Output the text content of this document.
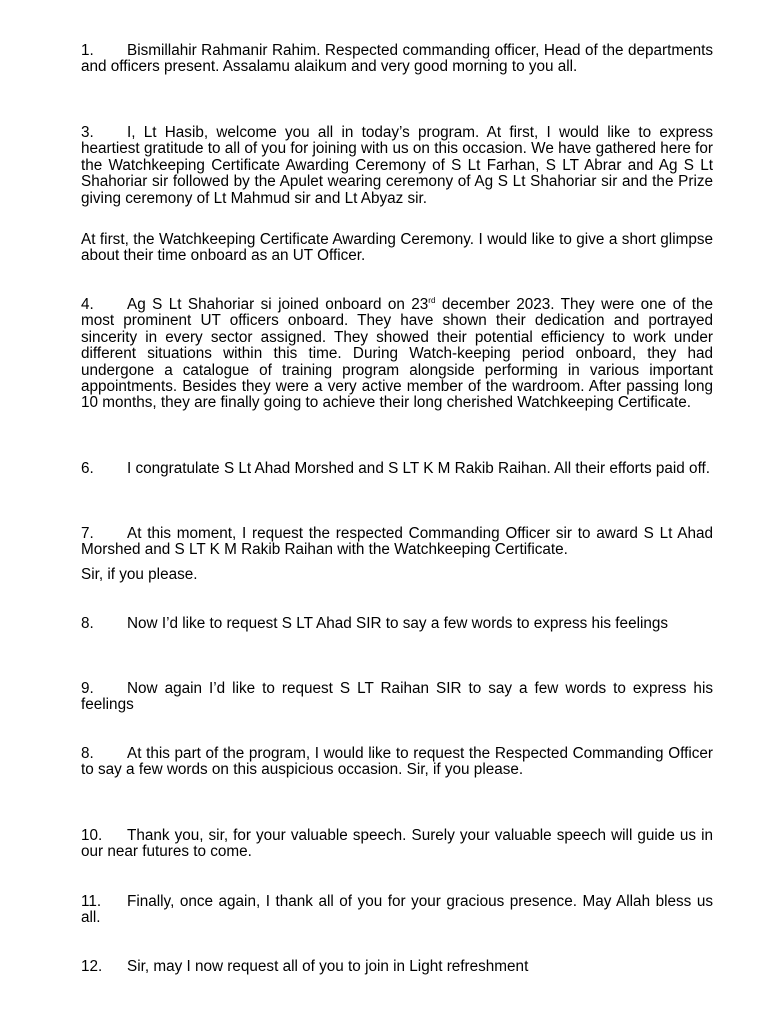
1. Bismillahir Rahmanir Rahim. Respected commanding officer, Head of the departments and officers present. Assalamu alaikum and very good morning to you all.

3. I, Lt Hasib, welcome you all in today’s program. At first, I would like to express heartiest gratitude to all of you for joining with us on this occasion. We have gathered here for the Watchkeeping Certificate Awarding Ceremony of S Lt Farhan, S LT Abrar and Ag S Lt Shahoriar sir followed by the Apulet wearing ceremony of Ag S Lt Shahoriar sir and the Prize giving ceremony of Lt Mahmud sir and Lt Abyaz sir.

At first, the Watchkeeping Certificate Awarding Ceremony. I would like to give a short glimpse about their time onboard as an UT Officer.

4. Ag S Lt Shahoriar si joined onboard on 23rd december 2023. They were one of the most prominent UT officers onboard. They have shown their dedication and portrayed sincerity in every sector assigned. They showed their potential efficiency to work under different situations within this time. During Watch-keeping period onboard, they had undergone a catalogue of training program alongside performing in various important appointments. Besides they were a very active member of the wardroom. After passing long 10 months, they are finally going to achieve their long cherished Watchkeeping Certificate.

6. I congratulate S Lt Ahad Morshed and S LT K M Rakib Raihan. All their efforts paid off.

7. At this moment, I request the respected Commanding Officer sir to award S Lt Ahad Morshed and S LT K M Rakib Raihan with the Watchkeeping Certificate.

Sir, if you please.

8. Now I’d like to request S LT Ahad SIR to say a few words to express his feelings

9. Now again I’d like to request S LT Raihan SIR to say a few words to express his feelings

8. At this part of the program, I would like to request the Respected Commanding Officer to say a few words on this auspicious occasion. Sir, if you please.

10. Thank you, sir, for your valuable speech. Surely your valuable speech will guide us in our near futures to come.

11. Finally, once again, I thank all of you for your gracious presence. May Allah bless us all.

12. Sir, may I now request all of you to join in Light refreshment
